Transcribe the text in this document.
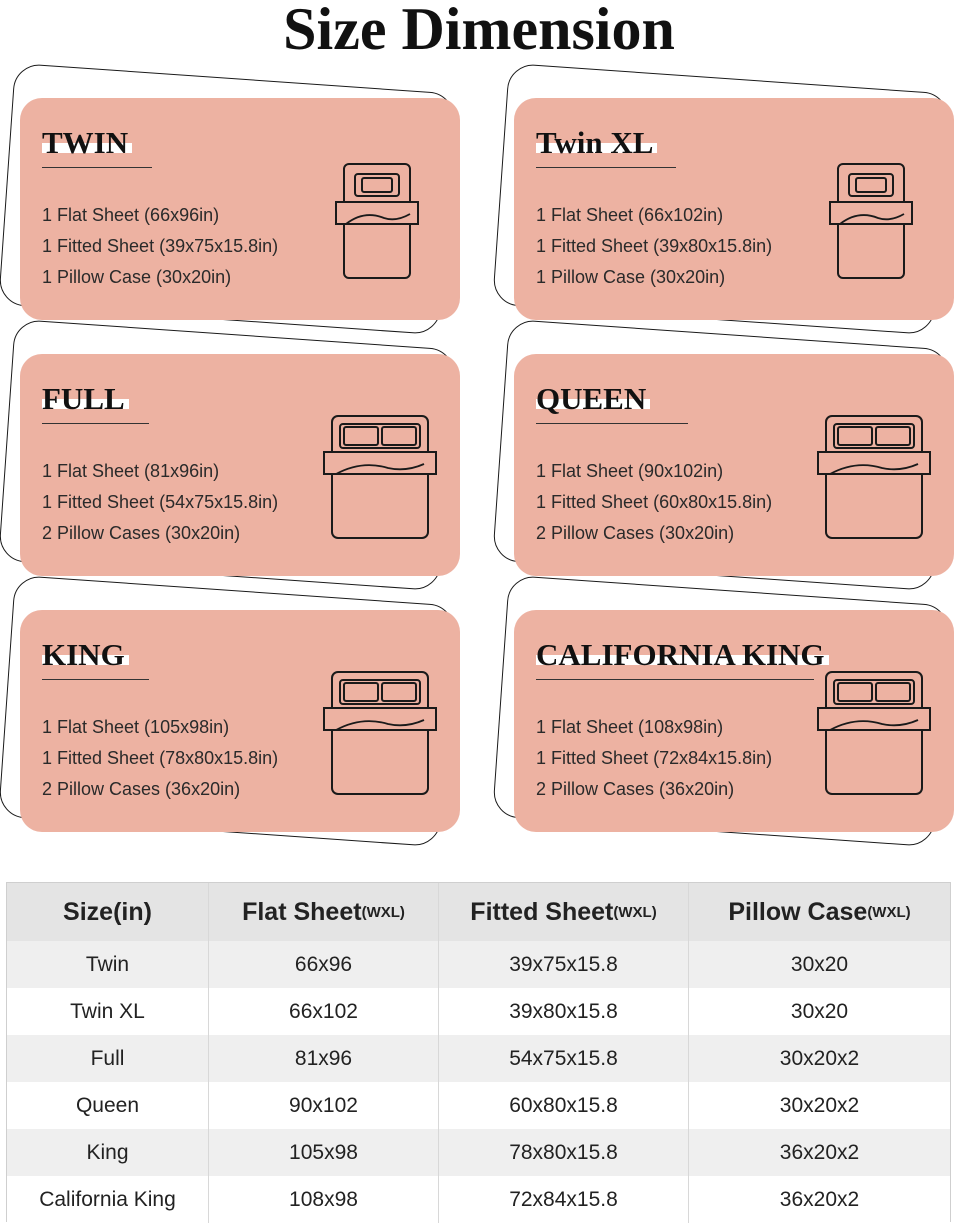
Size Dimension
TWIN
1 Flat Sheet (66x96in)
1 Fitted Sheet (39x75x15.8in)
1 Pillow Case (30x20in)
Twin XL
1 Flat Sheet (66x102in)
1 Fitted Sheet (39x80x15.8in)
1 Pillow Case (30x20in)
FULL
1 Flat Sheet (81x96in)
1 Fitted Sheet (54x75x15.8in)
2 Pillow Cases (30x20in)
QUEEN
1 Flat Sheet (90x102in)
1 Fitted Sheet (60x80x15.8in)
2 Pillow Cases (30x20in)
KING
1 Flat Sheet (105x98in)
1 Fitted Sheet (78x80x15.8in)
2 Pillow Cases (36x20in)
CALIFORNIA KING
1 Flat Sheet (108x98in)
1 Fitted Sheet (72x84x15.8in)
2 Pillow Cases (36x20in)
Size(in)	Flat Sheet (WXL)	Fitted Sheet (WXL)	Pillow Case (WXL)
Twin	66x96	39x75x15.8	30x20
Twin XL	66x102	39x80x15.8	30x20
Full	81x96	54x75x15.8	30x20x2
Queen	90x102	60x80x15.8	30x20x2
King	105x98	78x80x15.8	36x20x2
California King	108x98	72x84x15.8	36x20x2
